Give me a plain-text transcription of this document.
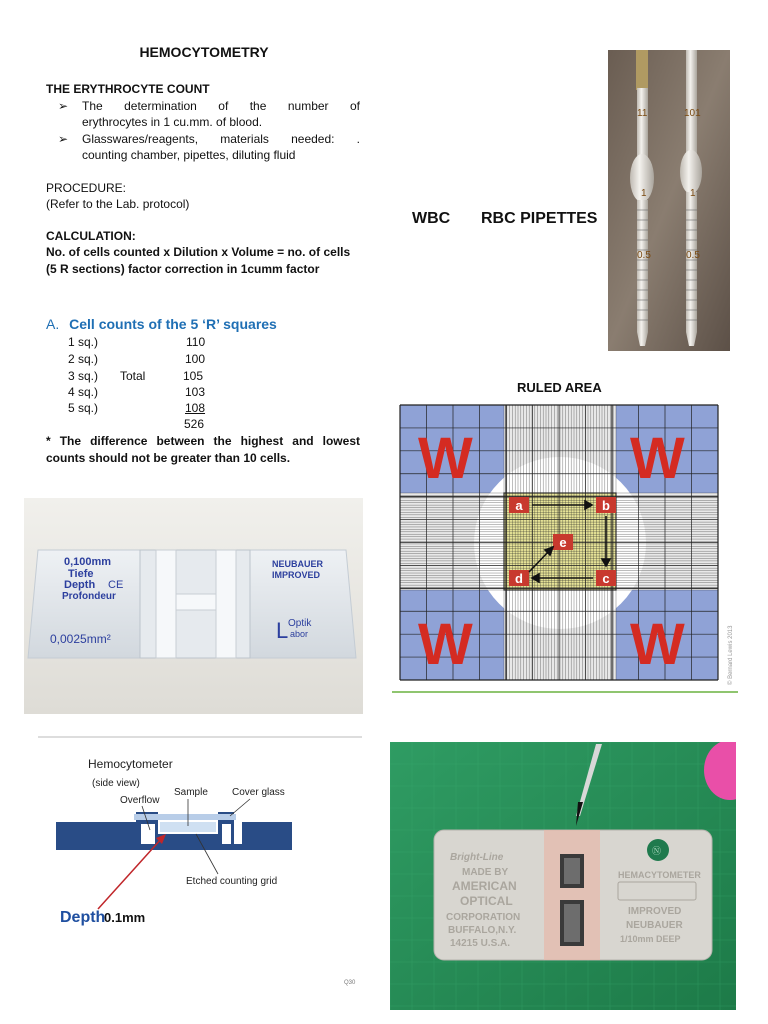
HEMOCYTOMETRY
THE ERYTHROCYTE COUNT
➢ The determination of the number of
erythrocytes in 1 cu.mm. of blood.
➢ Glasswares/reagents, materials needed: .
counting chamber, pipettes, diluting fluid
PROCEDURE:
(Refer to the Lab. protocol)
CALCULATION:
No. of cells counted x Dilution x Volume = no. of cells
(5 R sections) factor correction in 1cumm factor
A. Cell counts of the 5 ‘R’ squares
1 sq.)	110
2 sq.)	100
3 sq.) Total	105
4 sq.)	103
5 sq.)	108
526
* The difference between the highest and lowest counts should not be greater than 10 cells.
WBC RBC PIPETTES
11
1
0.5
101
1
0.5
RULED AREA
W	W
W	W
a	b
c
d
e
© Bernard Lewis 2013
0,100mm
Tiefe
Depth CE
Profondeur
0,0025mm²
NEUBAUER
IMPROVED
L Optik
abor
Hemocytometer
(side view)
Overflow
Sample Cover glass
Etched counting grid
Depth
0.1mm
Q30
Ⓝ
Bright-Line
MADE BY
AMERICAN
OPTICAL
CORPORATION
BUFFALO,N.Y.
14215 U.S.A.
HEMACYTOMETER
IMPROVED
NEUBAUER
1/10mm DEEP
